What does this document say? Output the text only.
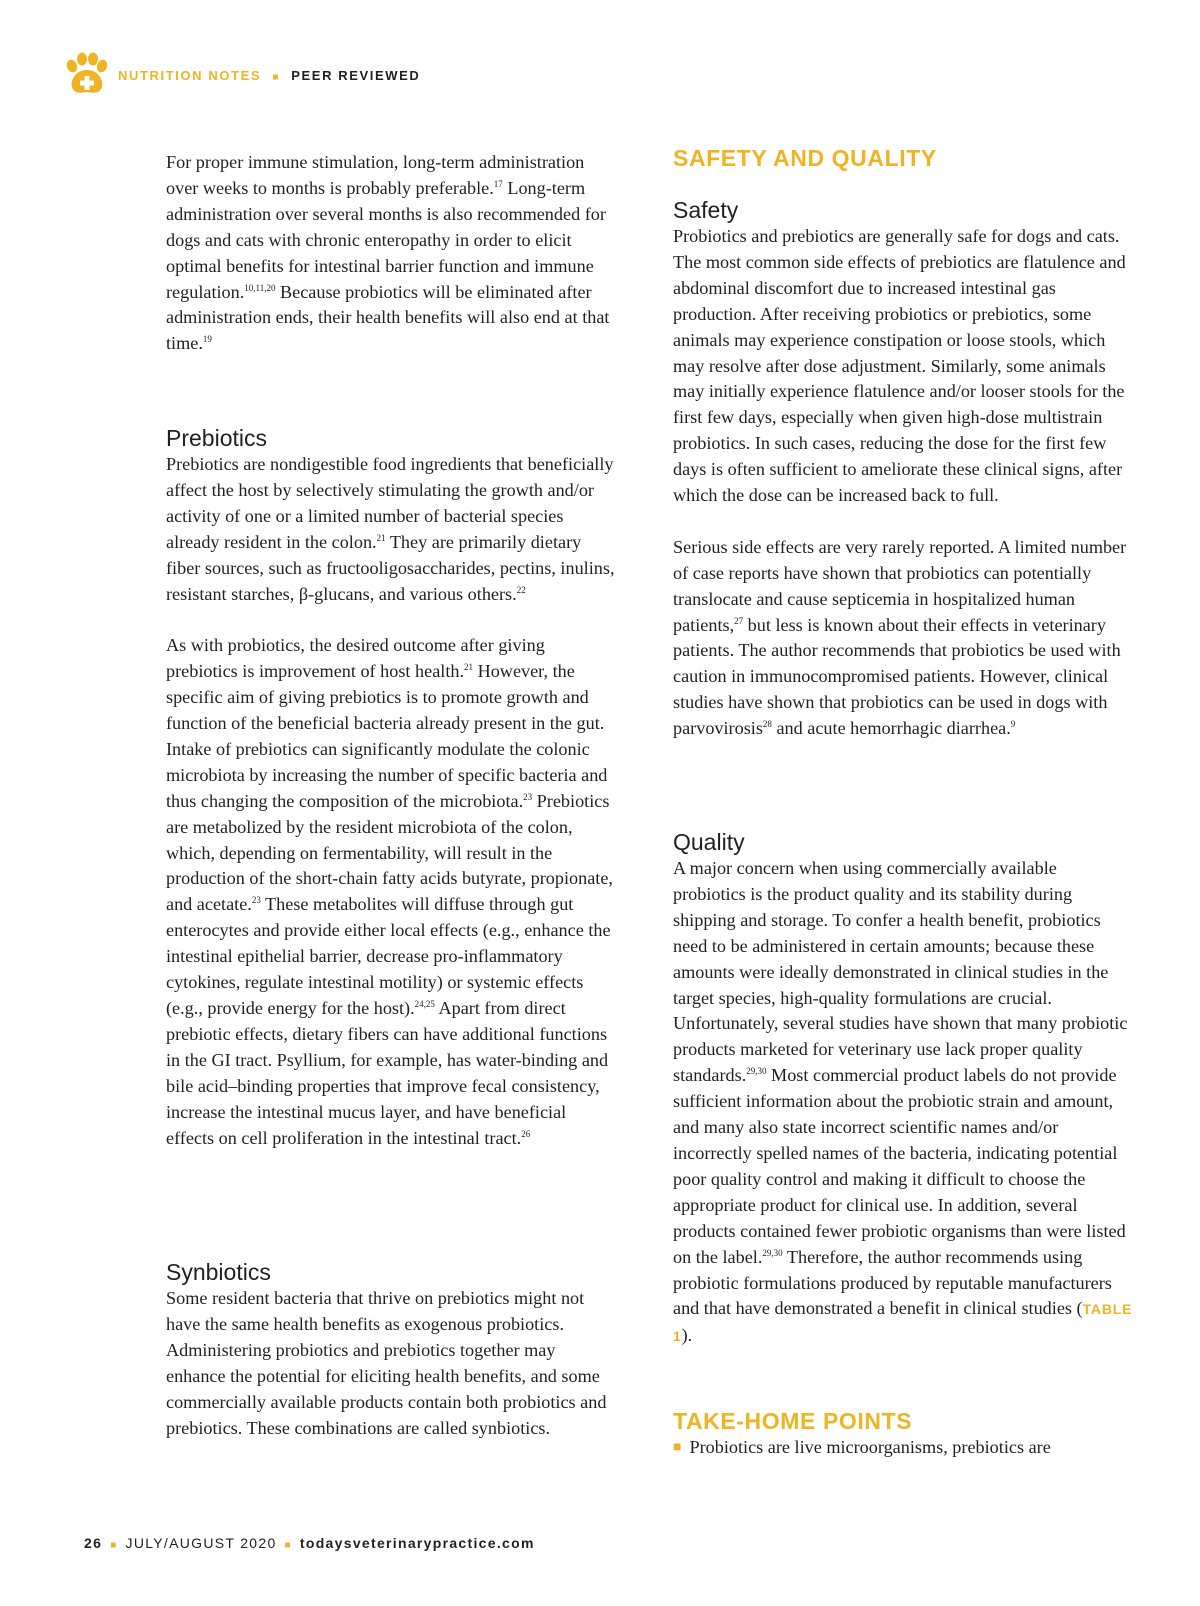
NUTRITION NOTES ■ PEER REVIEWED

For proper immune stimulation, long-term administration over weeks to months is probably preferable.$^{17}$ Long-term administration over several months is also recommended for dogs and cats with chronic enteropathy in order to elicit optimal benefits for intestinal barrier function and immune regulation.$^{10,11,20}$ Because probiotics will be eliminated after administration ends, their health benefits will also end at that time.$^{19}$

Prebiotics

Prebiotics are nondigestible food ingredients that beneficially affect the host by selectively stimulating the growth and/or activity of one or a limited number of bacterial species already resident in the colon.$^{21}$ They are primarily dietary fiber sources, such as fructooligosaccharides, pectins, inulins, resistant starches, β-glucans, and various others.$^{22}$

As with probiotics, the desired outcome after giving prebiotics is improvement of host health.$^{21}$ However, the specific aim of giving prebiotics is to promote growth and function of the beneficial bacteria already present in the gut. Intake of prebiotics can significantly modulate the colonic microbiota by increasing the number of specific bacteria and thus changing the composition of the microbiota.$^{23}$ Prebiotics are metabolized by the resident microbiota of the colon, which, depending on fermentability, will result in the production of the short-chain fatty acids butyrate, propionate, and acetate.$^{23}$ These metabolites will diffuse through gut enterocytes and provide either local effects (e.g., enhance the intestinal epithelial barrier, decrease pro-inflammatory cytokines, regulate intestinal motility) or systemic effects (e.g., provide energy for the host).$^{24,25}$ Apart from direct prebiotic effects, dietary fibers can have additional functions in the GI tract. Psyllium, for example, has water-binding and bile acid–binding properties that improve fecal consistency, increase the intestinal mucus layer, and have beneficial effects on cell proliferation in the intestinal tract.$^{26}$

Synbiotics

Some resident bacteria that thrive on prebiotics might not have the same health benefits as exogenous probiotics. Administering probiotics and prebiotics together may enhance the potential for eliciting health benefits, and some commercially available products contain both probiotics and prebiotics. These combinations are called synbiotics.

SAFETY AND QUALITY
Safety

Probiotics and prebiotics are generally safe for dogs and cats. The most common side effects of prebiotics are flatulence and abdominal discomfort due to increased intestinal gas production. After receiving probiotics or prebiotics, some animals may experience constipation or loose stools, which may resolve after dose adjustment. Similarly, some animals may initially experience flatulence and/or looser stools for the first few days, especially when given high-dose multistrain probiotics. In such cases, reducing the dose for the first few days is often sufficient to ameliorate these clinical signs, after which the dose can be increased back to full.

Serious side effects are very rarely reported. A limited number of case reports have shown that probiotics can potentially translocate and cause septicemia in hospitalized human patients,$^{27}$ but less is known about their effects in veterinary patients. The author recommends that probiotics be used with caution in immunocompromised patients. However, clinical studies have shown that probiotics can be used in dogs with parvovirosis$^{28}$ and acute hemorrhagic diarrhea.$^9$

Quality

A major concern when using commercially available probiotics is the product quality and its stability during shipping and storage. To confer a health benefit, probiotics need to be administered in certain amounts; because these amounts were ideally demonstrated in clinical studies in the target species, high-quality formulations are crucial. Unfortunately, several studies have shown that many probiotic products marketed for veterinary use lack proper quality standards.$^{29,30}$ Most commercial product labels do not provide sufficient information about the probiotic strain and amount, and many also state incorrect scientific names and/or incorrectly spelled names of the bacteria, indicating potential poor quality control and making it difficult to choose the appropriate product for clinical use. In addition, several products contained fewer probiotic organisms than were listed on the label.$^{29,30}$ Therefore, the author recommends using probiotic formulations produced by reputable manufacturers and that have demonstrated a benefit in clinical studies (TABLE 1).

TAKE-HOME POINTS
■ Probiotics are live microorganisms, prebiotics are

26 ■ JULY/AUGUST 2020 ■ todaysveterinarypractice.com
